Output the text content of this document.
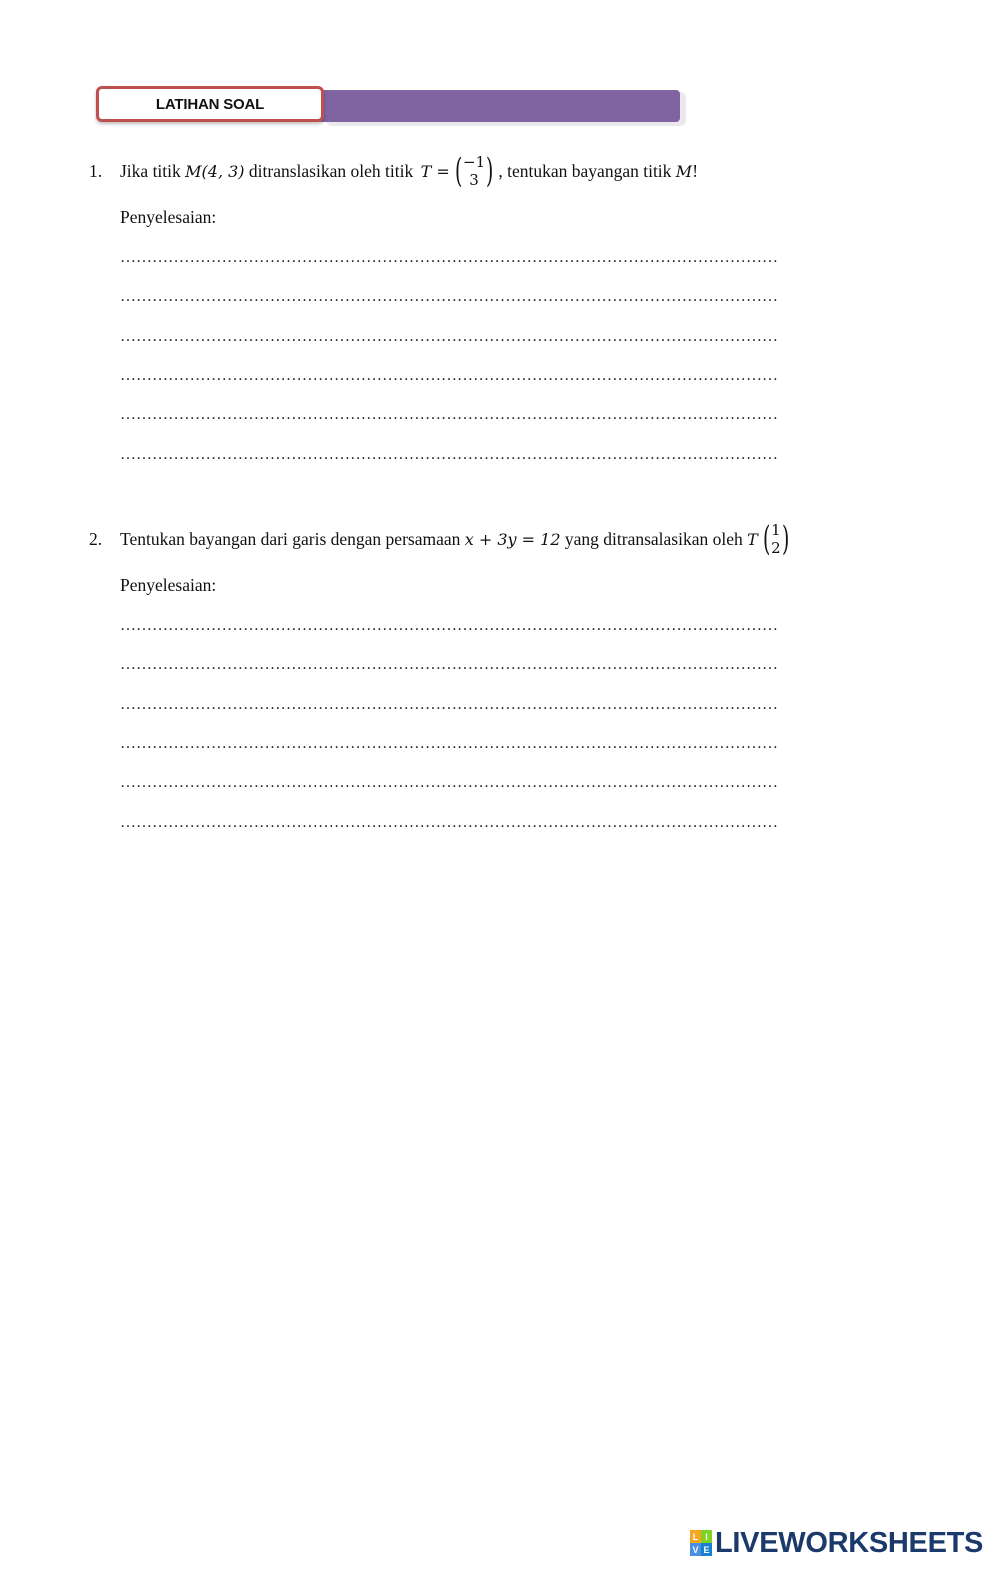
LATIHAN SOAL
1.	Jika titik M(4, 3) ditranslasikan oleh titik T = ( −1
3 ) , tentukan bayangan titik M !
Penyelesaian:
……………………………………………………………………………………………………………
……………………………………………………………………………………………………………
……………………………………………………………………………………………………………
……………………………………………………………………………………………………………
……………………………………………………………………………………………………………
……………………………………………………………………………………………………………
2.	Tentukan bayangan dari garis dengan persamaan x + 3y = 12 yang ditransalasikan oleh T ( 1
2 )
Penyelesaian:
……………………………………………………………………………………………………………
……………………………………………………………………………………………………………
……………………………………………………………………………………………………………
……………………………………………………………………………………………………………
……………………………………………………………………………………………………………
……………………………………………………………………………………………………………
L I
V E LIVEWORKSHEETS
